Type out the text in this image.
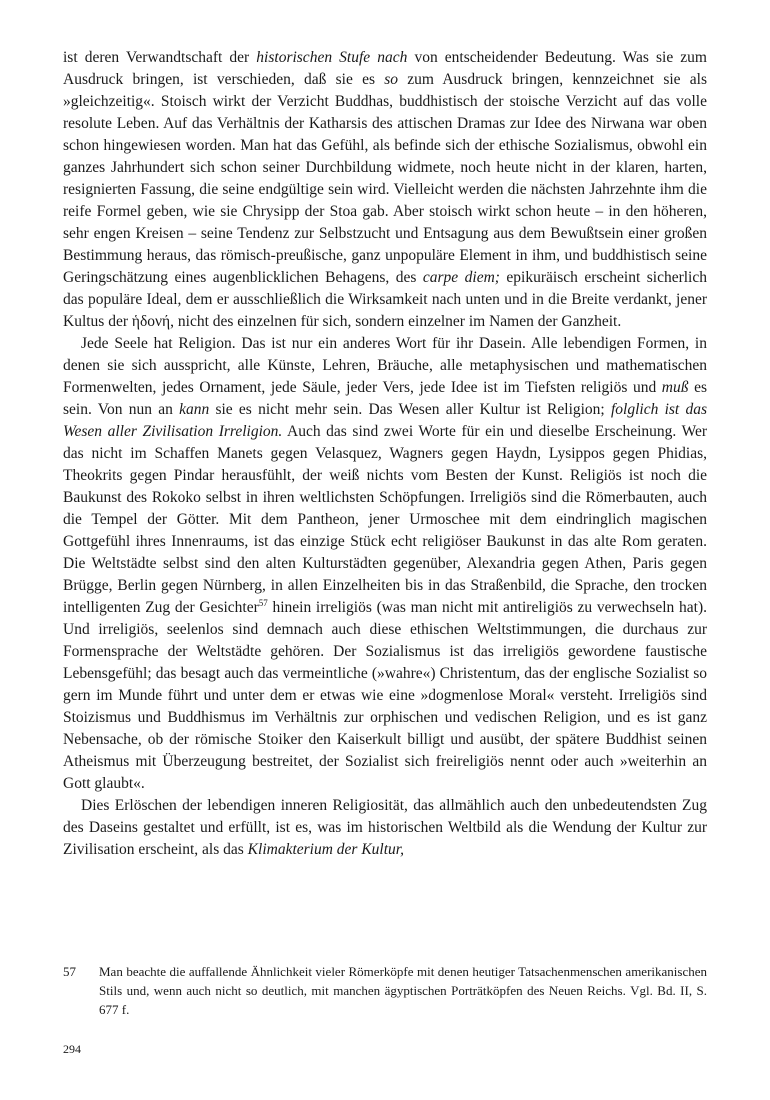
ist deren Verwandtschaft der historischen Stufe nach von entscheidender Bedeutung. Was sie zum Ausdruck bringen, ist verschieden, daß sie es so zum Ausdruck bringen, kennzeichnet sie als »gleichzeitig«. Stoisch wirkt der Verzicht Buddhas, buddhistisch der stoische Verzicht auf das volle resolute Leben. Auf das Verhältnis der Katharsis des attischen Dramas zur Idee des Nirwana war oben schon hingewiesen worden. Man hat das Gefühl, als befinde sich der ethische Sozialismus, obwohl ein ganzes Jahrhundert sich schon seiner Durchbildung widmete, noch heute nicht in der klaren, harten, resignierten Fassung, die seine endgültige sein wird. Vielleicht werden die nächsten Jahrzehnte ihm die reife Formel geben, wie sie Chrysipp der Stoa gab. Aber stoisch wirkt schon heute – in den höheren, sehr engen Kreisen – seine Tendenz zur Selbstzucht und Entsagung aus dem Bewußtsein einer großen Bestimmung heraus, das römisch-preußische, ganz unpopuläre Element in ihm, und buddhistisch seine Geringschätzung eines augenblicklichen Behagens, des carpe diem; epikuräisch erscheint sicherlich das populäre Ideal, dem er ausschließlich die Wirksamkeit nach unten und in die Breite verdankt, jener Kultus der ἡδονή, nicht des einzelnen für sich, sondern einzelner im Namen der Ganzheit.

Jede Seele hat Religion. Das ist nur ein anderes Wort für ihr Dasein. Alle lebendigen Formen, in denen sie sich ausspricht, alle Künste, Lehren, Bräuche, alle metaphysischen und mathematischen Formenwelten, jedes Ornament, jede Säule, jeder Vers, jede Idee ist im Tiefsten religiös und muß es sein. Von nun an kann sie es nicht mehr sein. Das Wesen aller Kultur ist Religion; folglich ist das Wesen aller Zivilisation Irreligion. Auch das sind zwei Worte für ein und dieselbe Erscheinung. Wer das nicht im Schaffen Manets gegen Velasquez, Wagners gegen Haydn, Lysippos gegen Phidias, Theokrits gegen Pindar herausfühlt, der weiß nichts vom Besten der Kunst. Religiös ist noch die Baukunst des Rokoko selbst in ihren weltlichsten Schöpfungen. Irreligiös sind die Römerbauten, auch die Tempel der Götter. Mit dem Pantheon, jener Urmoschee mit dem eindringlich magischen Gottgefühl ihres Innenraums, ist das einzige Stück echt religiöser Baukunst in das alte Rom geraten. Die Weltstädte selbst sind den alten Kulturstädten gegenüber, Alexandria gegen Athen, Paris gegen Brügge, Berlin gegen Nürnberg, in allen Einzelheiten bis in das Straßenbild, die Sprache, den trocken intelligenten Zug der Gesichter$^{57}$ hinein irreligiös (was man nicht mit antireligiös zu verwechseln hat). Und irreligiös, seelenlos sind demnach auch diese ethischen Weltstimmungen, die durchaus zur Formensprache der Weltstädte gehören. Der Sozialismus ist das irreligiös gewordene faustische Lebensgefühl; das besagt auch das vermeintliche (»wahre«) Christentum, das der englische Sozialist so gern im Munde führt und unter dem er etwas wie eine »dogmenlose Moral« versteht. Irreligiös sind Stoizismus und Buddhismus im Verhältnis zur orphischen und vedischen Religion, und es ist ganz Nebensache, ob der römische Stoiker den Kaiserkult billigt und ausübt, der spätere Buddhist seinen Atheismus mit Überzeugung bestreitet, der Sozialist sich freireligiös nennt oder auch »weiterhin an Gott glaubt«.

Dies Erlöschen der lebendigen inneren Religiosität, das allmählich auch den unbedeutendsten Zug des Daseins gestaltet und erfüllt, ist es, was im historischen Weltbild als die Wendung der Kultur zur Zivilisation erscheint, als das Klimakterium der Kultur,

57	Man beachte die auffallende Ähnlichkeit vieler Römerköpfe mit denen heutiger Tatsachenmenschen amerikanischen Stils und, wenn auch nicht so deutlich, mit manchen ägyptischen Porträtköpfen des Neuen Reichs. Vgl. Bd. II, S. 677 f.
294
